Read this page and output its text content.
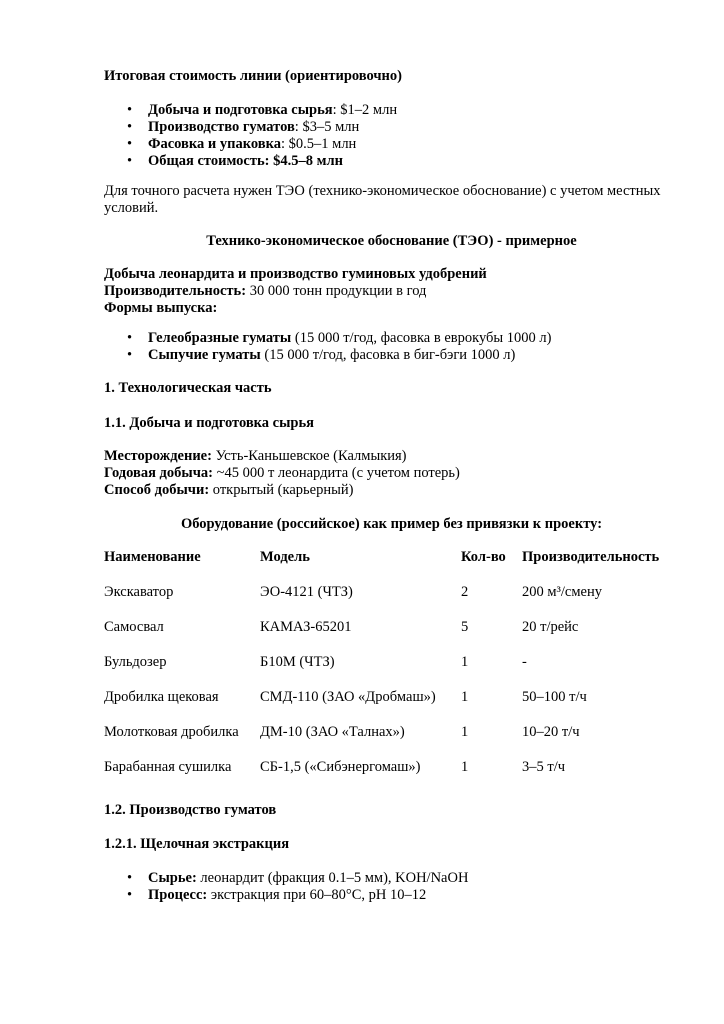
Итоговая стоимость линии (ориентировочно)

• Добыча и подготовка сырья: $1–2 млн
• Производство гуматов: $3–5 млн
• Фасовка и упаковка: $0.5–1 млн
• Общая стоимость: $4.5–8 млн

Для точного расчета нужен ТЭО (технико-экономическое обоснование) с учетом местных условий.

Технико-экономическое обоснование (ТЭО) - примерное

Добыча леонардита и производство гуминовых удобрений

Производительность: 30 000 тонн продукции в год

Формы выпуска:

• Гелеобразные гуматы (15 000 т/год, фасовка в еврокубы 1000 л)
• Сыпучие гуматы (15 000 т/год, фасовка в биг-бэги 1000 л)

1. Технологическая часть

1.1. Добыча и подготовка сырья

Месторождение: Усть-Каньшевское (Калмыкия)

Годовая добыча: ~45 000 т леонардита (с учетом потерь)

Способ добычи: открытый (карьерный)

Оборудование (российское) как пример без привязки к проекту:

Наименование	Модель	Кол-во	Производительность
Экскаватор	ЭО-4121 (ЧТЗ)	2	200 м³/смену
Самосвал	КАМАЗ-65201	5	20 т/рейс
Бульдозер	Б10М (ЧТЗ)	1	-
Дробилка щековая	СМД-110 (ЗАО «Дробмаш»)	1	50–100 т/ч
Молотковая дробилка	ДМ-10 (ЗАО «Талнах»)	1	10–20 т/ч
Барабанная сушилка	СБ-1,5 («Сибэнергомаш»)	1	3–5 т/ч

1.2. Производство гуматов

1.2.1. Щелочная экстракция

• Сырье: леонардит (фракция 0.1–5 мм), KOH/NaOH
• Процесс: экстракция при 60–80°C, pH 10–12
